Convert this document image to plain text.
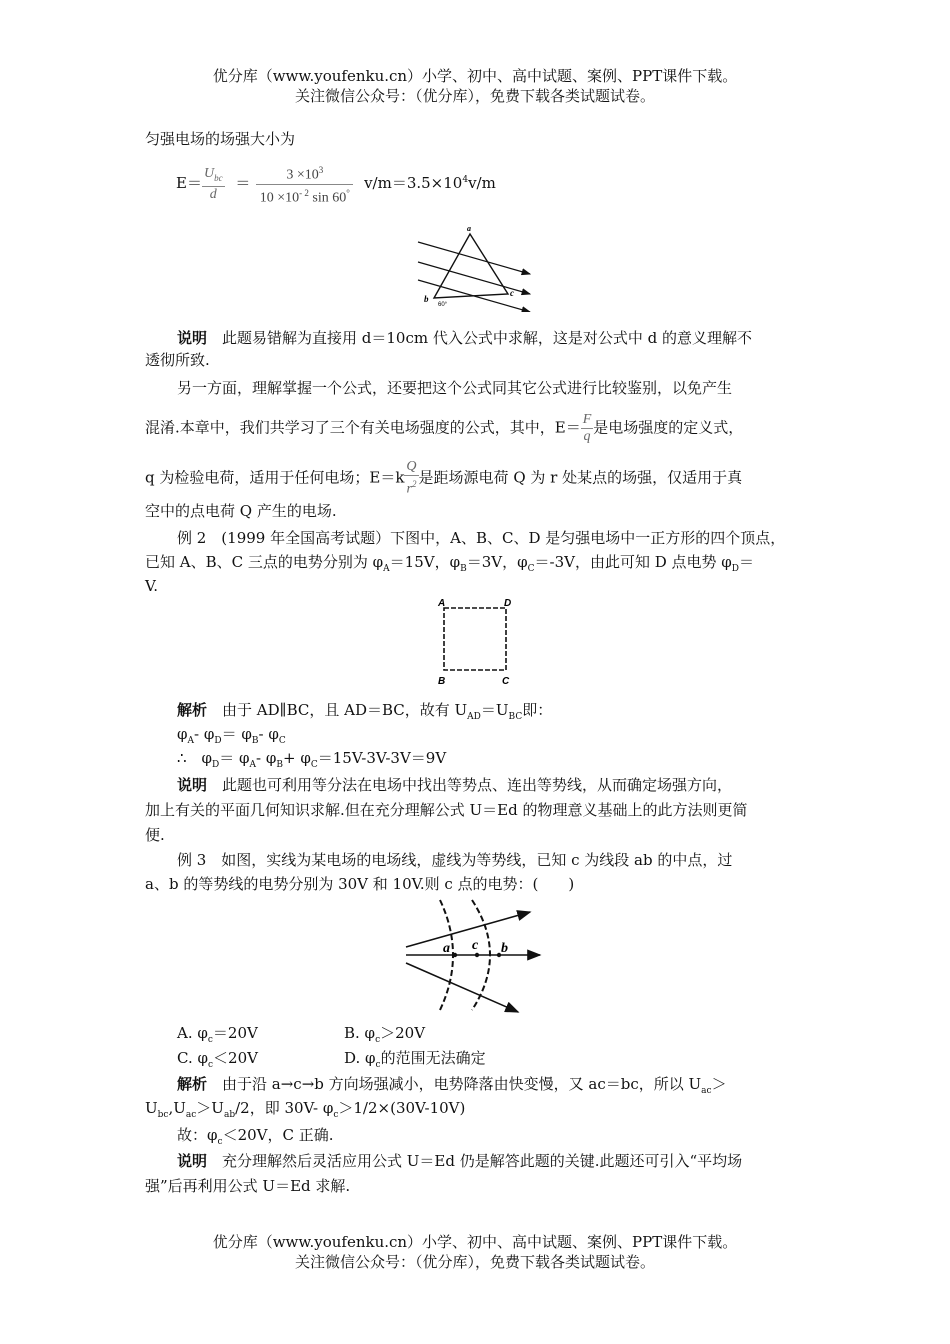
优分库（www.youfenku.cn）小学、初中、高中试题、案例、PPT课件下载。
关注微信公众号：（优分库），免费下载各类试题试卷。
匀强电场的场强大小为
$E= \frac{U_{bc}}{d} = \frac{3 \times 10^3}{10 \times 10^{- 2} \sin 60^\circ} v/m=3.5\times 10^4v/m$
a
b
c
60°
说明　此题易错解为直接用 d＝10cm 代入公式中求解，这是对公式中 d 的意义理解不
透彻所致.
另一方面，理解掌握一个公式，还要把这个公式同其它公式进行比较鉴别，以免产生
混淆.本章中，我们共学习了三个有关电场强度的公式，其中，$E= \frac{F}{q}$ 是电场强度的定义式，
q 为检验电荷，适用于任何电场；$E=k \frac{Q}{r^2}$ 是距场源电荷 Q 为 r 处某点的场强，仅适用于真
空中的点电荷 Q 产生的电场.
例 2　(1999 年全国高考试题）下图中，A、B、C、D 是匀强电场中一正方形的四个顶点，
已知 A、B、C 三点的电势分别为 $\varphi_A=15V$，$\varphi_B=3V$，$\varphi_C=-3V$，由此可知 D 点电势 $\varphi_D=$
V.
A	D
B	C
解析　由于 AD∥BC，且 AD＝BC，故有 $U_{AD}=U_{BC}$即：
$\varphi_A-$ $\varphi_D= \varphi_B-$ $\varphi_C$
∴　$\varphi_D= \varphi_A-$ $\varphi_B+ \varphi_C=15V-3V-3V=9V$
说明　此题也可利用等分法在电场中找出等势点、连出等势线，从而确定场强方向，
加上有关的平面几何知识求解.但在充分理解公式 U＝Ed 的物理意义基础上的此方法则更简
便.
例 3　如图，实线为某电场的电场线，虚线为等势线，已知 c 为线段 ab 的中点，过
a、b 的等势线的电势分别为 30V 和 10V.则 c 点的电势：(　　)
a c b
A. $\varphi_c=20V$	B. $\varphi_c>20V$
C. $\varphi_c<20V$	D. $\varphi_c$的范围无法确定
解析　由于沿 a→c→b 方向场强减小，电势降落由快变慢，又 ac＝bc，所以 $U_{ac}>$
$U_{bc},U_{ac}>U_{ab}/2$，即 30V- $\varphi_c>1/2\times(30V-10V)$
故：$\varphi_c<20V$，C 正确.
说明　充分理解然后灵活应用公式 U＝Ed 仍是解答此题的关键.此题还可引入“平均场
强”后再利用公式 U＝Ed 求解.
优分库（www.youfenku.cn）小学、初中、高中试题、案例、PPT课件下载。
关注微信公众号：（优分库），免费下载各类试题试卷。
